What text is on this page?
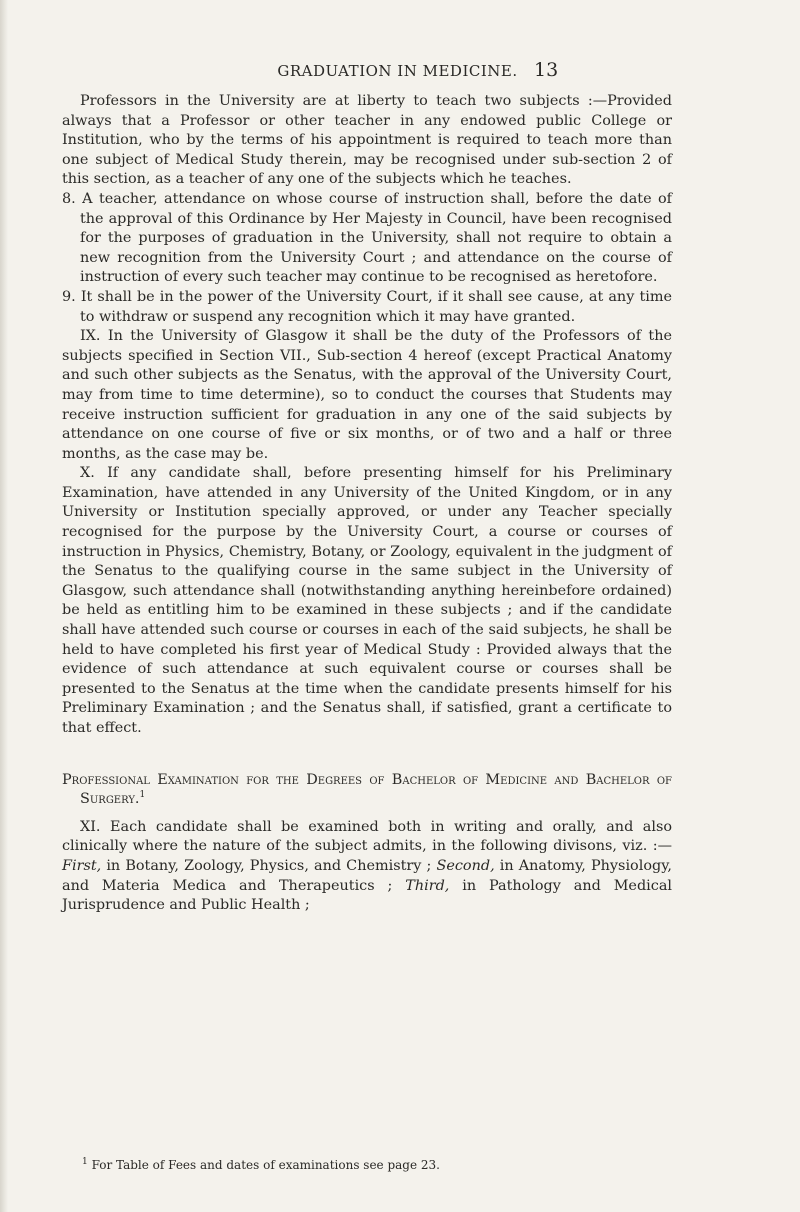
GRADUATION IN MEDICINE. 13

Professors in the University are at liberty to teach two subjects :—Provided always that a Professor or other teacher in any endowed public College or Institution, who by the terms of his appointment is required to teach more than one subject of Medical Study therein, may be recognised under sub-section 2 of this section, as a teacher of any one of the subjects which he teaches.

8. A teacher, attendance on whose course of instruction shall, before the date of the approval of this Ordinance by Her Majesty in Council, have been recognised for the purposes of graduation in the University, shall not require to obtain a new recognition from the University Court ; and attendance on the course of instruction of every such teacher may continue to be recognised as heretofore.

9. It shall be in the power of the University Court, if it shall see cause, at any time to withdraw or suspend any recognition which it may have granted.

IX. In the University of Glasgow it shall be the duty of the Professors of the subjects specified in Section VII., Sub-section 4 hereof (except Practical Anatomy and such other subjects as the Senatus, with the approval of the University Court, may from time to time determine), so to conduct the courses that Students may receive instruction sufficient for graduation in any one of the said subjects by attendance on one course of five or six months, or of two and a half or three months, as the case may be.

X. If any candidate shall, before presenting himself for his Preliminary Examination, have attended in any University of the United Kingdom, or in any University or Institution specially approved, or under any Teacher specially recognised for the purpose by the University Court, a course or courses of instruction in Physics, Chemistry, Botany, or Zoology, equivalent in the judgment of the Senatus to the qualifying course in the same subject in the University of Glasgow, such attendance shall (notwithstanding anything hereinbefore ordained) be held as entitling him to be examined in these subjects ; and if the candidate shall have attended such course or courses in each of the said subjects, he shall be held to have completed his first year of Medical Study : Provided always that the evidence of such attendance at such equivalent course or courses shall be presented to the Senatus at the time when the candidate presents himself for his Preliminary Examination ; and the Senatus shall, if satisfied, grant a certificate to that effect.

Professional Examination for the Degrees of Bachelor of Medicine and Bachelor of Surgery.$^1$

XI. Each candidate shall be examined both in writing and orally, and also clinically where the nature of the subject admits, in the following divisons, viz. :—First, in Botany, Zoology, Physics, and Chemistry ; Second, in Anatomy, Physiology, and Materia Medica and Therapeutics ; Third, in Pathology and Medical Jurisprudence and Public Health ;

$^1$ For Table of Fees and dates of examinations see page 23.
